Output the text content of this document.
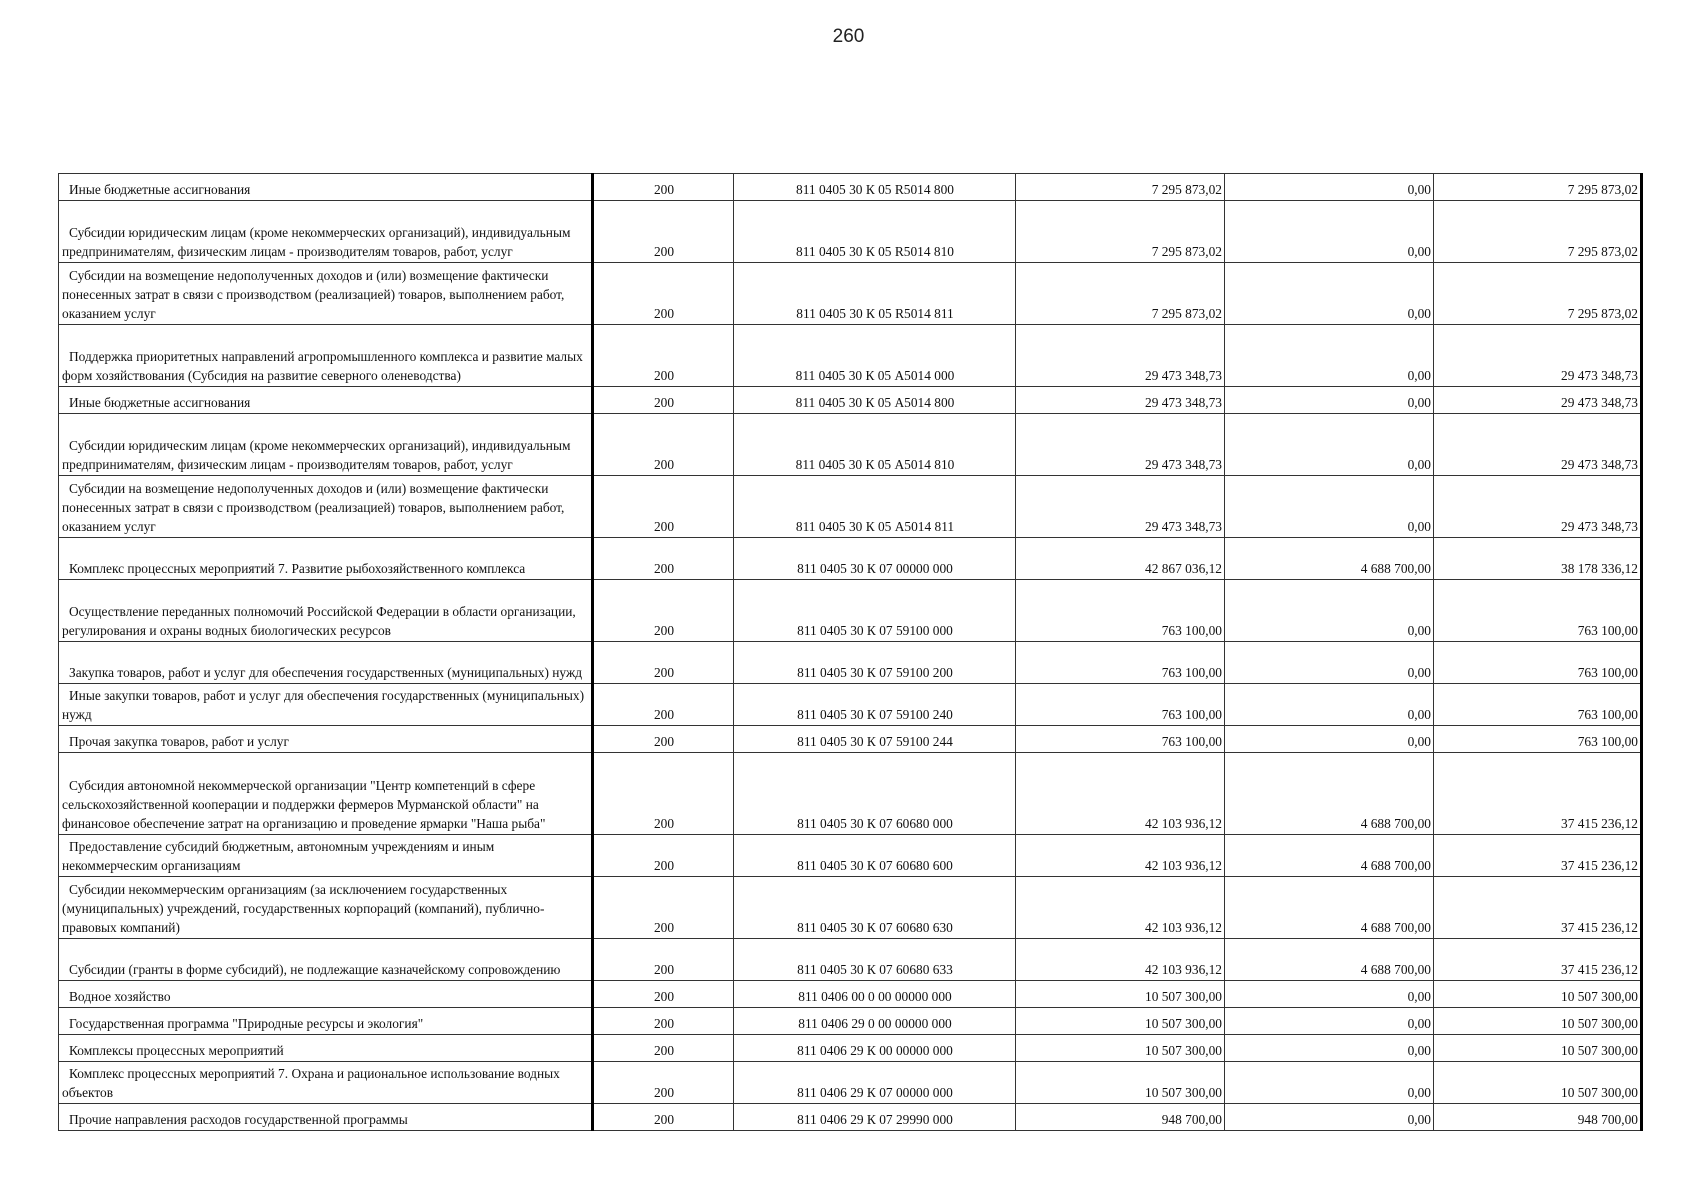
260
Иные бюджетные ассигнования	200	811 0405 30 К 05 R5014 800	7 295 873,02	0,00	7 295 873,02

Субсидии юридическим лицам (кроме некоммерческих организаций), индивидуальным предпринимателям, физическим лицам - производителям товаров, работ, услуг	200	811 0405 30 К 05 R5014 810	7 295 873,02	0,00	7 295 873,02

Субсидии на возмещение недополученных доходов и (или) возмещение фактически понесенных затрат в связи с производством (реализацией) товаров, выполнением работ, оказанием услуг	200	811 0405 30 К 05 R5014 811	7 295 873,02	0,00	7 295 873,02

Поддержка приоритетных направлений агропромышленного комплекса и развитие малых форм хозяйствования (Субсидия на развитие северного оленеводства)	200	811 0405 30 К 05 А5014 000	29 473 348,73	0,00	29 473 348,73

Иные бюджетные ассигнования	200	811 0405 30 К 05 А5014 800	29 473 348,73	0,00	29 473 348,73

Субсидии юридическим лицам (кроме некоммерческих организаций), индивидуальным предпринимателям, физическим лицам - производителям товаров, работ, услуг	200	811 0405 30 К 05 А5014 810	29 473 348,73	0,00	29 473 348,73

Субсидии на возмещение недополученных доходов и (или) возмещение фактически понесенных затрат в связи с производством (реализацией) товаров, выполнением работ, оказанием услуг	200	811 0405 30 К 05 А5014 811	29 473 348,73	0,00	29 473 348,73

Комплекс процессных мероприятий 7. Развитие рыбохозяйственного комплекса	200	811 0405 30 К 07 00000 000	42 867 036,12	4 688 700,00	38 178 336,12

Осуществление переданных полномочий Российской Федерации в области организации, регулирования и охраны водных биологических ресурсов	200	811 0405 30 К 07 59100 000	763 100,00	0,00	763 100,00

Закупка товаров, работ и услуг для обеспечения государственных (муниципальных) нужд	200	811 0405 30 К 07 59100 200	763 100,00	0,00	763 100,00

Иные закупки товаров, работ и услуг для обеспечения государственных (муниципальных) нужд	200	811 0405 30 К 07 59100 240	763 100,00	0,00	763 100,00

Прочая закупка товаров, работ и услуг	200	811 0405 30 К 07 59100 244	763 100,00	0,00	763 100,00

Субсидия автономной некоммерческой организации "Центр компетенций в сфере сельскохозяйственной кооперации и поддержки фермеров Мурманской области" на финансовое обеспечение затрат на организацию и проведение ярмарки "Наша рыба"	200	811 0405 30 К 07 60680 000	42 103 936,12	4 688 700,00	37 415 236,12

Предоставление субсидий бюджетным, автономным учреждениям и иным некоммерческим организациям	200	811 0405 30 К 07 60680 600	42 103 936,12	4 688 700,00	37 415 236,12

Субсидии некоммерческим организациям (за исключением государственных (муниципальных) учреждений, государственных корпораций (компаний), публично-правовых компаний)	200	811 0405 30 К 07 60680 630	42 103 936,12	4 688 700,00	37 415 236,12

Субсидии (гранты в форме субсидий), не подлежащие казначейскому сопровождению	200	811 0405 30 К 07 60680 633	42 103 936,12	4 688 700,00	37 415 236,12

Водное хозяйство	200	811 0406 00 0 00 00000 000	10 507 300,00	0,00	10 507 300,00

Государственная программа "Природные ресурсы и экология"	200	811 0406 29 0 00 00000 000	10 507 300,00	0,00	10 507 300,00

Комплексы процессных мероприятий	200	811 0406 29 К 00 00000 000	10 507 300,00	0,00	10 507 300,00

Комплекс процессных мероприятий 7. Охрана и рациональное использование водных объектов	200	811 0406 29 К 07 00000 000	10 507 300,00	0,00	10 507 300,00

Прочие направления расходов государственной программы	200	811 0406 29 К 07 29990 000	948 700,00	0,00	948 700,00
